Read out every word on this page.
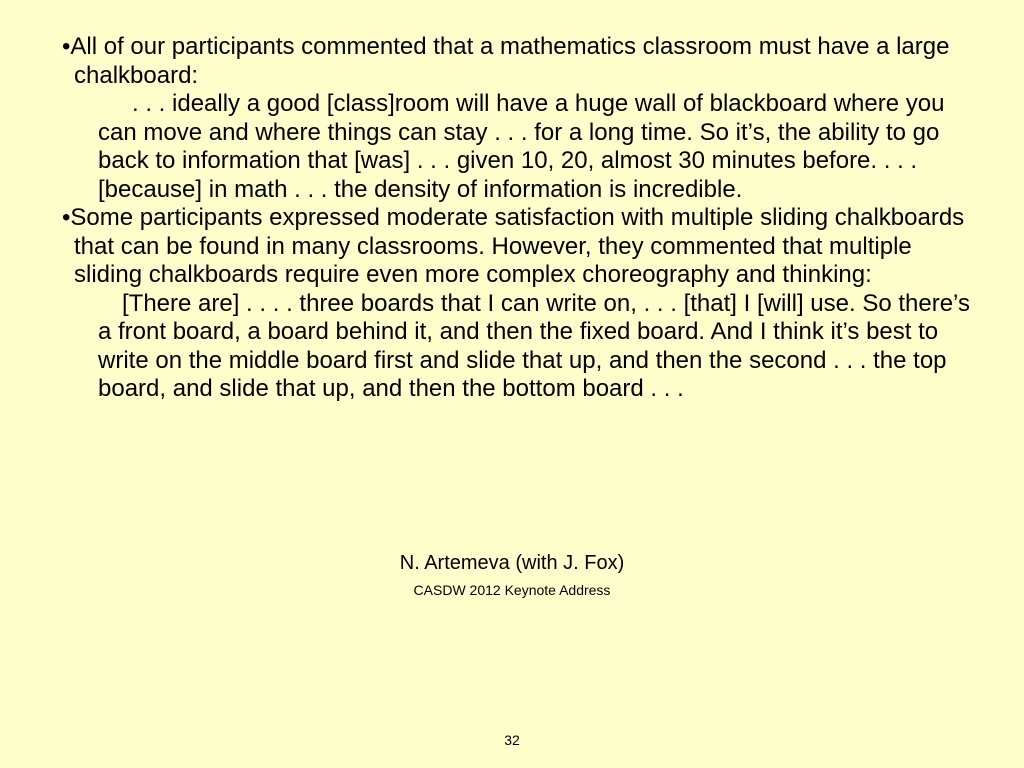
•All of our participants commented that a mathematics classroom must have a large chalkboard:

. . . ideally a good [class]room will have a huge wall of blackboard where you can move and where things can stay . . . for a long time. So it’s, the ability to go back to information that [was] . . . given 10, 20, almost 30 minutes before. . . . [because] in math . . . the density of information is incredible.

•Some participants expressed moderate satisfaction with multiple sliding chalkboards that can be found in many classrooms. However, they commented that multiple sliding chalkboards require even more complex choreography and thinking:

[There are] . . . . three boards that I can write on, . . . [that] I [will] use. So there’s a front board, a board behind it, and then the fixed board. And I think it’s best to write on the middle board first and slide that up, and then the second . . . the top board, and slide that up, and then the bottom board . . .

N. Artemeva (with J. Fox)

CASDW 2012 Keynote Address

32
